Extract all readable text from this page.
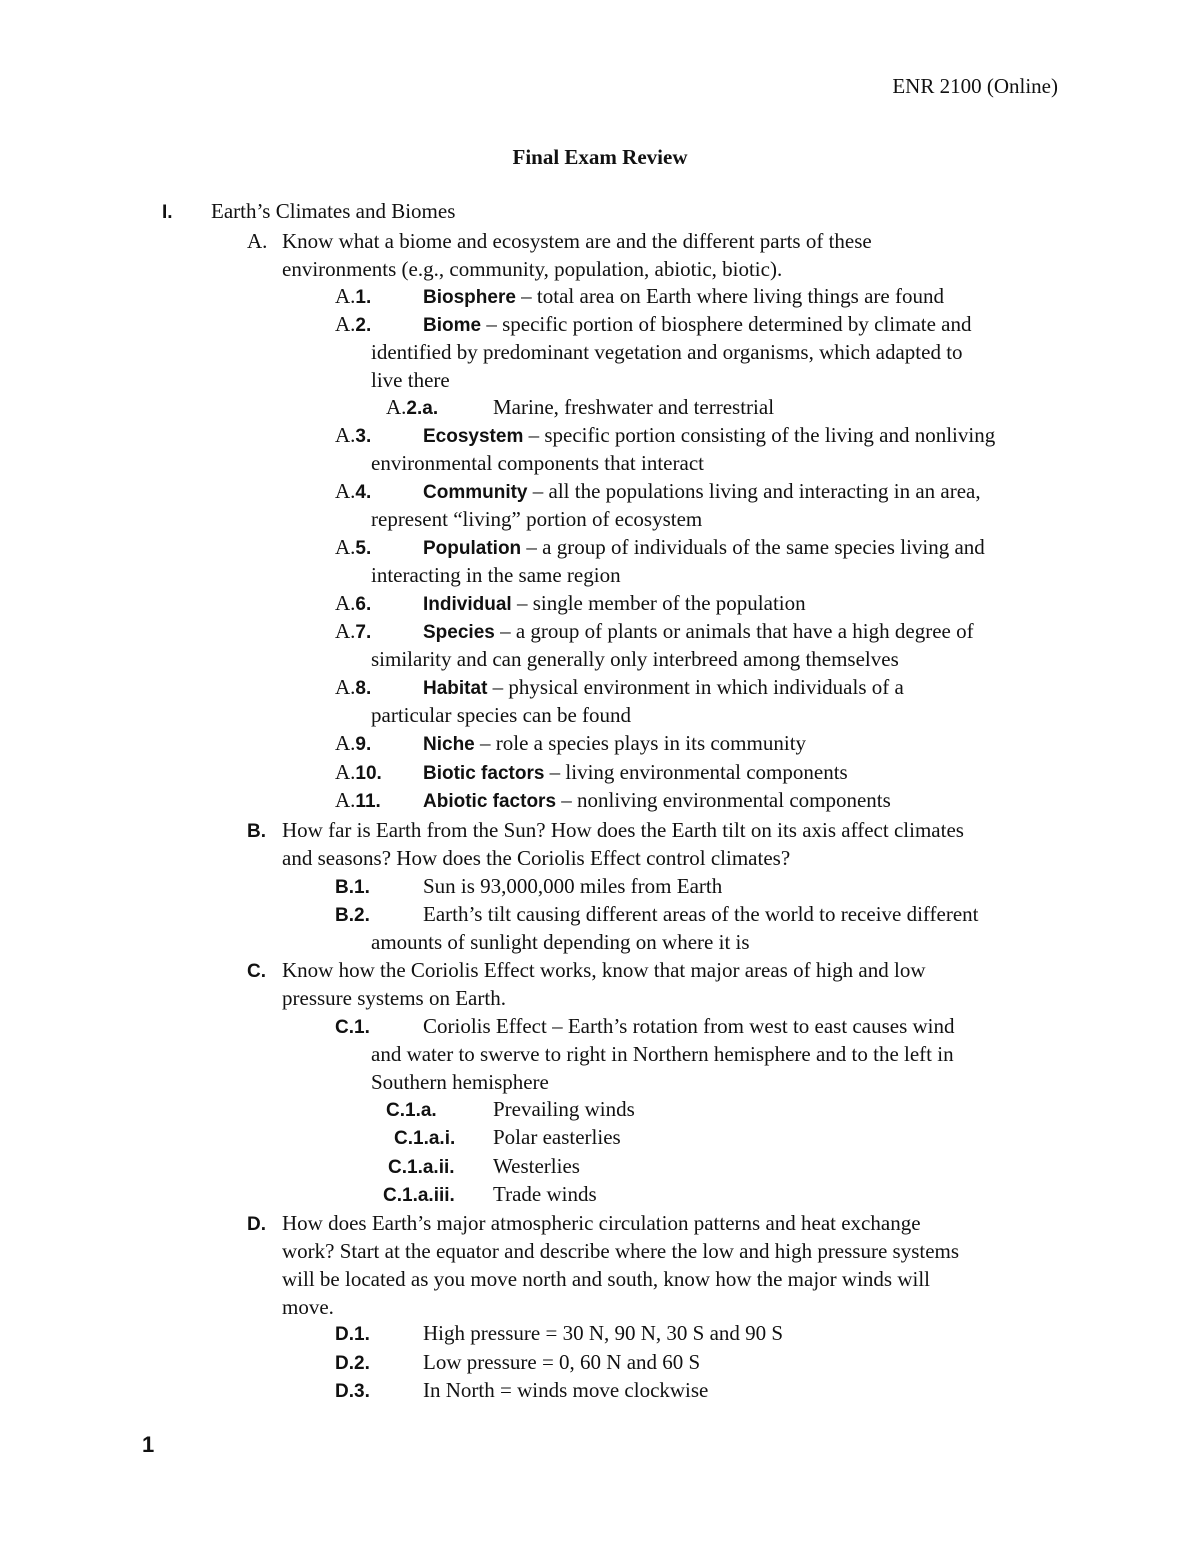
ENR 2100 (Online)
Final Exam Review
I. Earth’s Climates and Biomes
A. Know what a biome and ecosystem are and the different parts of these
environments (e.g., community, population, abiotic, biotic).
A.1.	Biosphere – total area on Earth where living things are found
A.2.	Biome – specific portion of biosphere determined by climate and
identified by predominant vegetation and organisms, which adapted to
live there
A.2.a.	Marine, freshwater and terrestrial
A.3.	Ecosystem – specific portion consisting of the living and nonliving
environmental components that interact
A.4.	Community – all the populations living and interacting in an area,
represent “living” portion of ecosystem
A.5.	Population – a group of individuals of the same species living and
interacting in the same region
A.6.	Individual – single member of the population
A.7.	Species – a group of plants or animals that have a high degree of
similarity and can generally only interbreed among themselves
A.8.	Habitat – physical environment in which individuals of a
particular species can be found
A.9.	Niche – role a species plays in its community
A.10. Biotic factors – living environmental components
A.11. Abiotic factors – nonliving environmental components
B. How far is Earth from the Sun? How does the Earth tilt on its axis affect climates
and seasons? How does the Coriolis Effect control climates?
B.1.	Sun is 93,000,000 miles from Earth
B.2.	Earth’s tilt causing different areas of the world to receive different
amounts of sunlight depending on where it is
C. Know how the Coriolis Effect works, know that major areas of high and low
pressure systems on Earth.
C.1.	Coriolis Effect – Earth’s rotation from west to east causes wind
and water to swerve to right in Northern hemisphere and to the left in
Southern hemisphere
C.1.a.	Prevailing winds
C.1.a.i. Polar easterlies
C.1.a.ii. Westerlies
C.1.a.iii. Trade winds
D. How does Earth’s major atmospheric circulation patterns and heat exchange
work? Start at the equator and describe where the low and high pressure systems
will be located as you move north and south, know how the major winds will
move.
D.1.	High pressure = 30 N, 90 N, 30 S and 90 S
D.2.	Low pressure = 0, 60 N and 60 S
D.3.	In North = winds move clockwise
1
